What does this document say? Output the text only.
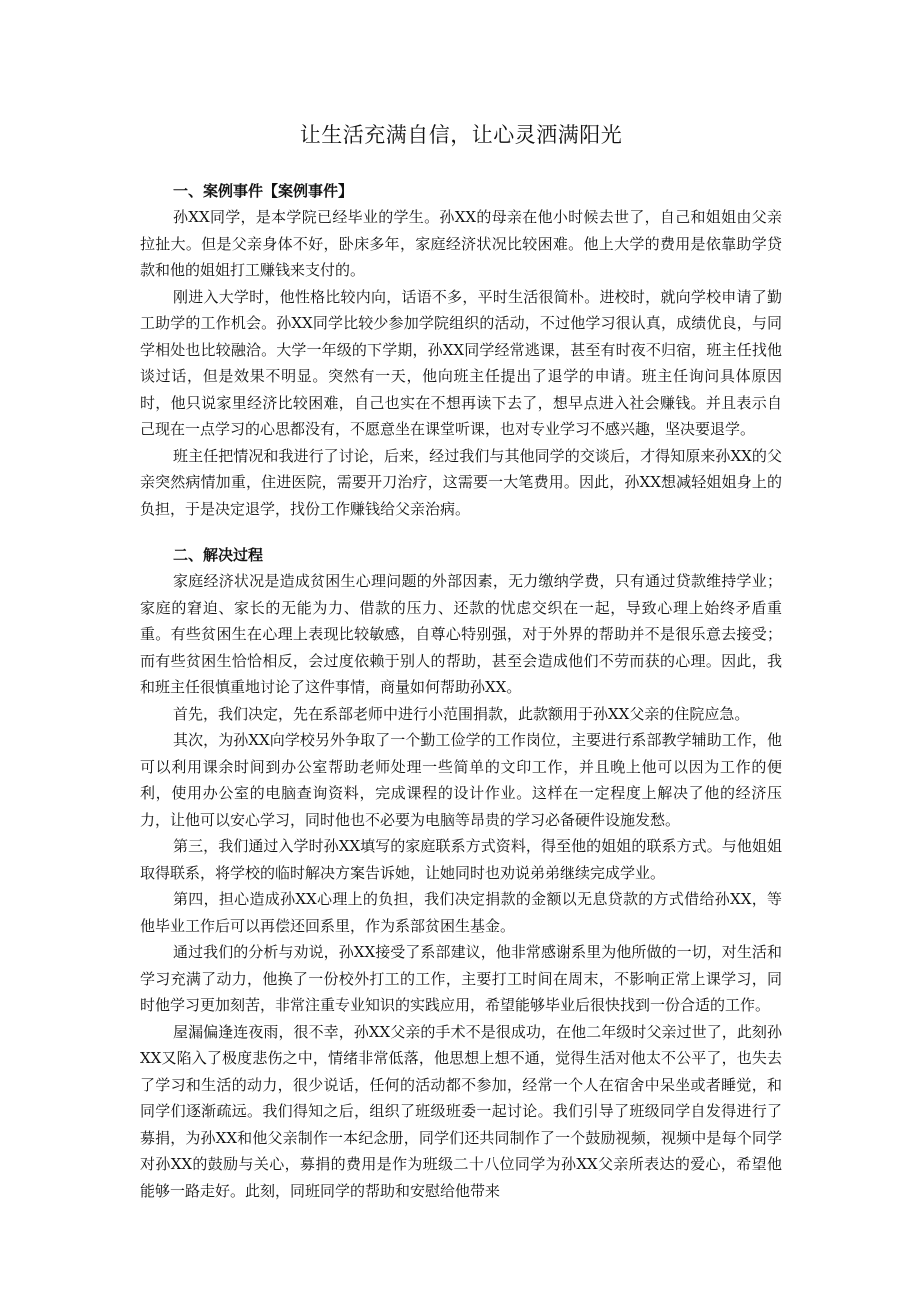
让生活充满自信，让心灵洒满阳光
一、案例事件【案例事件】

孙XX同学，是本学院已经毕业的学生。孙XX的母亲在他小时候去世了，自己和姐姐由父亲拉扯大。但是父亲身体不好，卧床多年，家庭经济状况比较困难。他上大学的费用是依靠助学贷款和他的姐姐打工赚钱来支付的。

刚进入大学时，他性格比较内向，话语不多，平时生活很简朴。进校时，就向学校申请了勤工助学的工作机会。孙XX同学比较少参加学院组织的活动，不过他学习很认真，成绩优良，与同学相处也比较融洽。大学一年级的下学期，孙XX同学经常逃课，甚至有时夜不归宿，班主任找他谈过话，但是效果不明显。突然有一天，他向班主任提出了退学的申请。班主任询问具体原因时，他只说家里经济比较困难，自己也实在不想再读下去了，想早点进入社会赚钱。并且表示自己现在一点学习的心思都没有，不愿意坐在课堂听课，也对专业学习不感兴趣，坚决要退学。

班主任把情况和我进行了讨论，后来，经过我们与其他同学的交谈后，才得知原来孙XX的父亲突然病情加重，住进医院，需要开刀治疗，这需要一大笔费用。因此，孙XX想减轻姐姐身上的负担，于是决定退学，找份工作赚钱给父亲治病。

二、解决过程

家庭经济状况是造成贫困生心理问题的外部因素，无力缴纳学费，只有通过贷款维持学业；家庭的窘迫、家长的无能为力、借款的压力、还款的忧虑交织在一起，导致心理上始终矛盾重重。有些贫困生在心理上表现比较敏感，自尊心特别强，对于外界的帮助并不是很乐意去接受；而有些贫困生恰恰相反，会过度依赖于别人的帮助，甚至会造成他们不劳而获的心理。因此，我和班主任很慎重地讨论了这件事情，商量如何帮助孙XX。

首先，我们决定，先在系部老师中进行小范围捐款，此款额用于孙XX父亲的住院应急。

其次，为孙XX向学校另外争取了一个勤工俭学的工作岗位，主要进行系部教学辅助工作，他可以利用课余时间到办公室帮助老师处理一些简单的文印工作，并且晚上他可以因为工作的便利，使用办公室的电脑查询资料，完成课程的设计作业。这样在一定程度上解决了他的经济压力，让他可以安心学习，同时他也不必要为电脑等昂贵的学习必备硬件设施发愁。

第三，我们通过入学时孙XX填写的家庭联系方式资料，得至他的姐姐的联系方式。与他姐姐取得联系，将学校的临时解决方案告诉她，让她同时也劝说弟弟继续完成学业。

第四，担心造成孙XX心理上的负担，我们决定捐款的金额以无息贷款的方式借给孙XX，等他毕业工作后可以再偿还回系里，作为系部贫困生基金。

通过我们的分析与劝说，孙XX接受了系部建议，他非常感谢系里为他所做的一切，对生活和学习充满了动力，他换了一份校外打工的工作，主要打工时间在周末，不影响正常上课学习，同时他学习更加刻苦，非常注重专业知识的实践应用，希望能够毕业后很快找到一份合适的工作。

屋漏偏逢连夜雨，很不幸，孙XX父亲的手术不是很成功，在他二年级时父亲过世了，此刻孙XX又陷入了极度悲伤之中，情绪非常低落，他思想上想不通，觉得生活对他太不公平了，也失去了学习和生活的动力，很少说话，任何的活动都不参加，经常一个人在宿舍中呆坐或者睡觉，和同学们逐渐疏远。我们得知之后，组织了班级班委一起讨论。我们引导了班级同学自发得进行了募捐，为孙XX和他父亲制作一本纪念册，同学们还共同制作了一个鼓励视频，视频中是每个同学对孙XX的鼓励与关心，募捐的费用是作为班级二十八位同学为孙XX父亲所表达的爱心，希望他能够一路走好。此刻，同班同学的帮助和安慰给他带来
